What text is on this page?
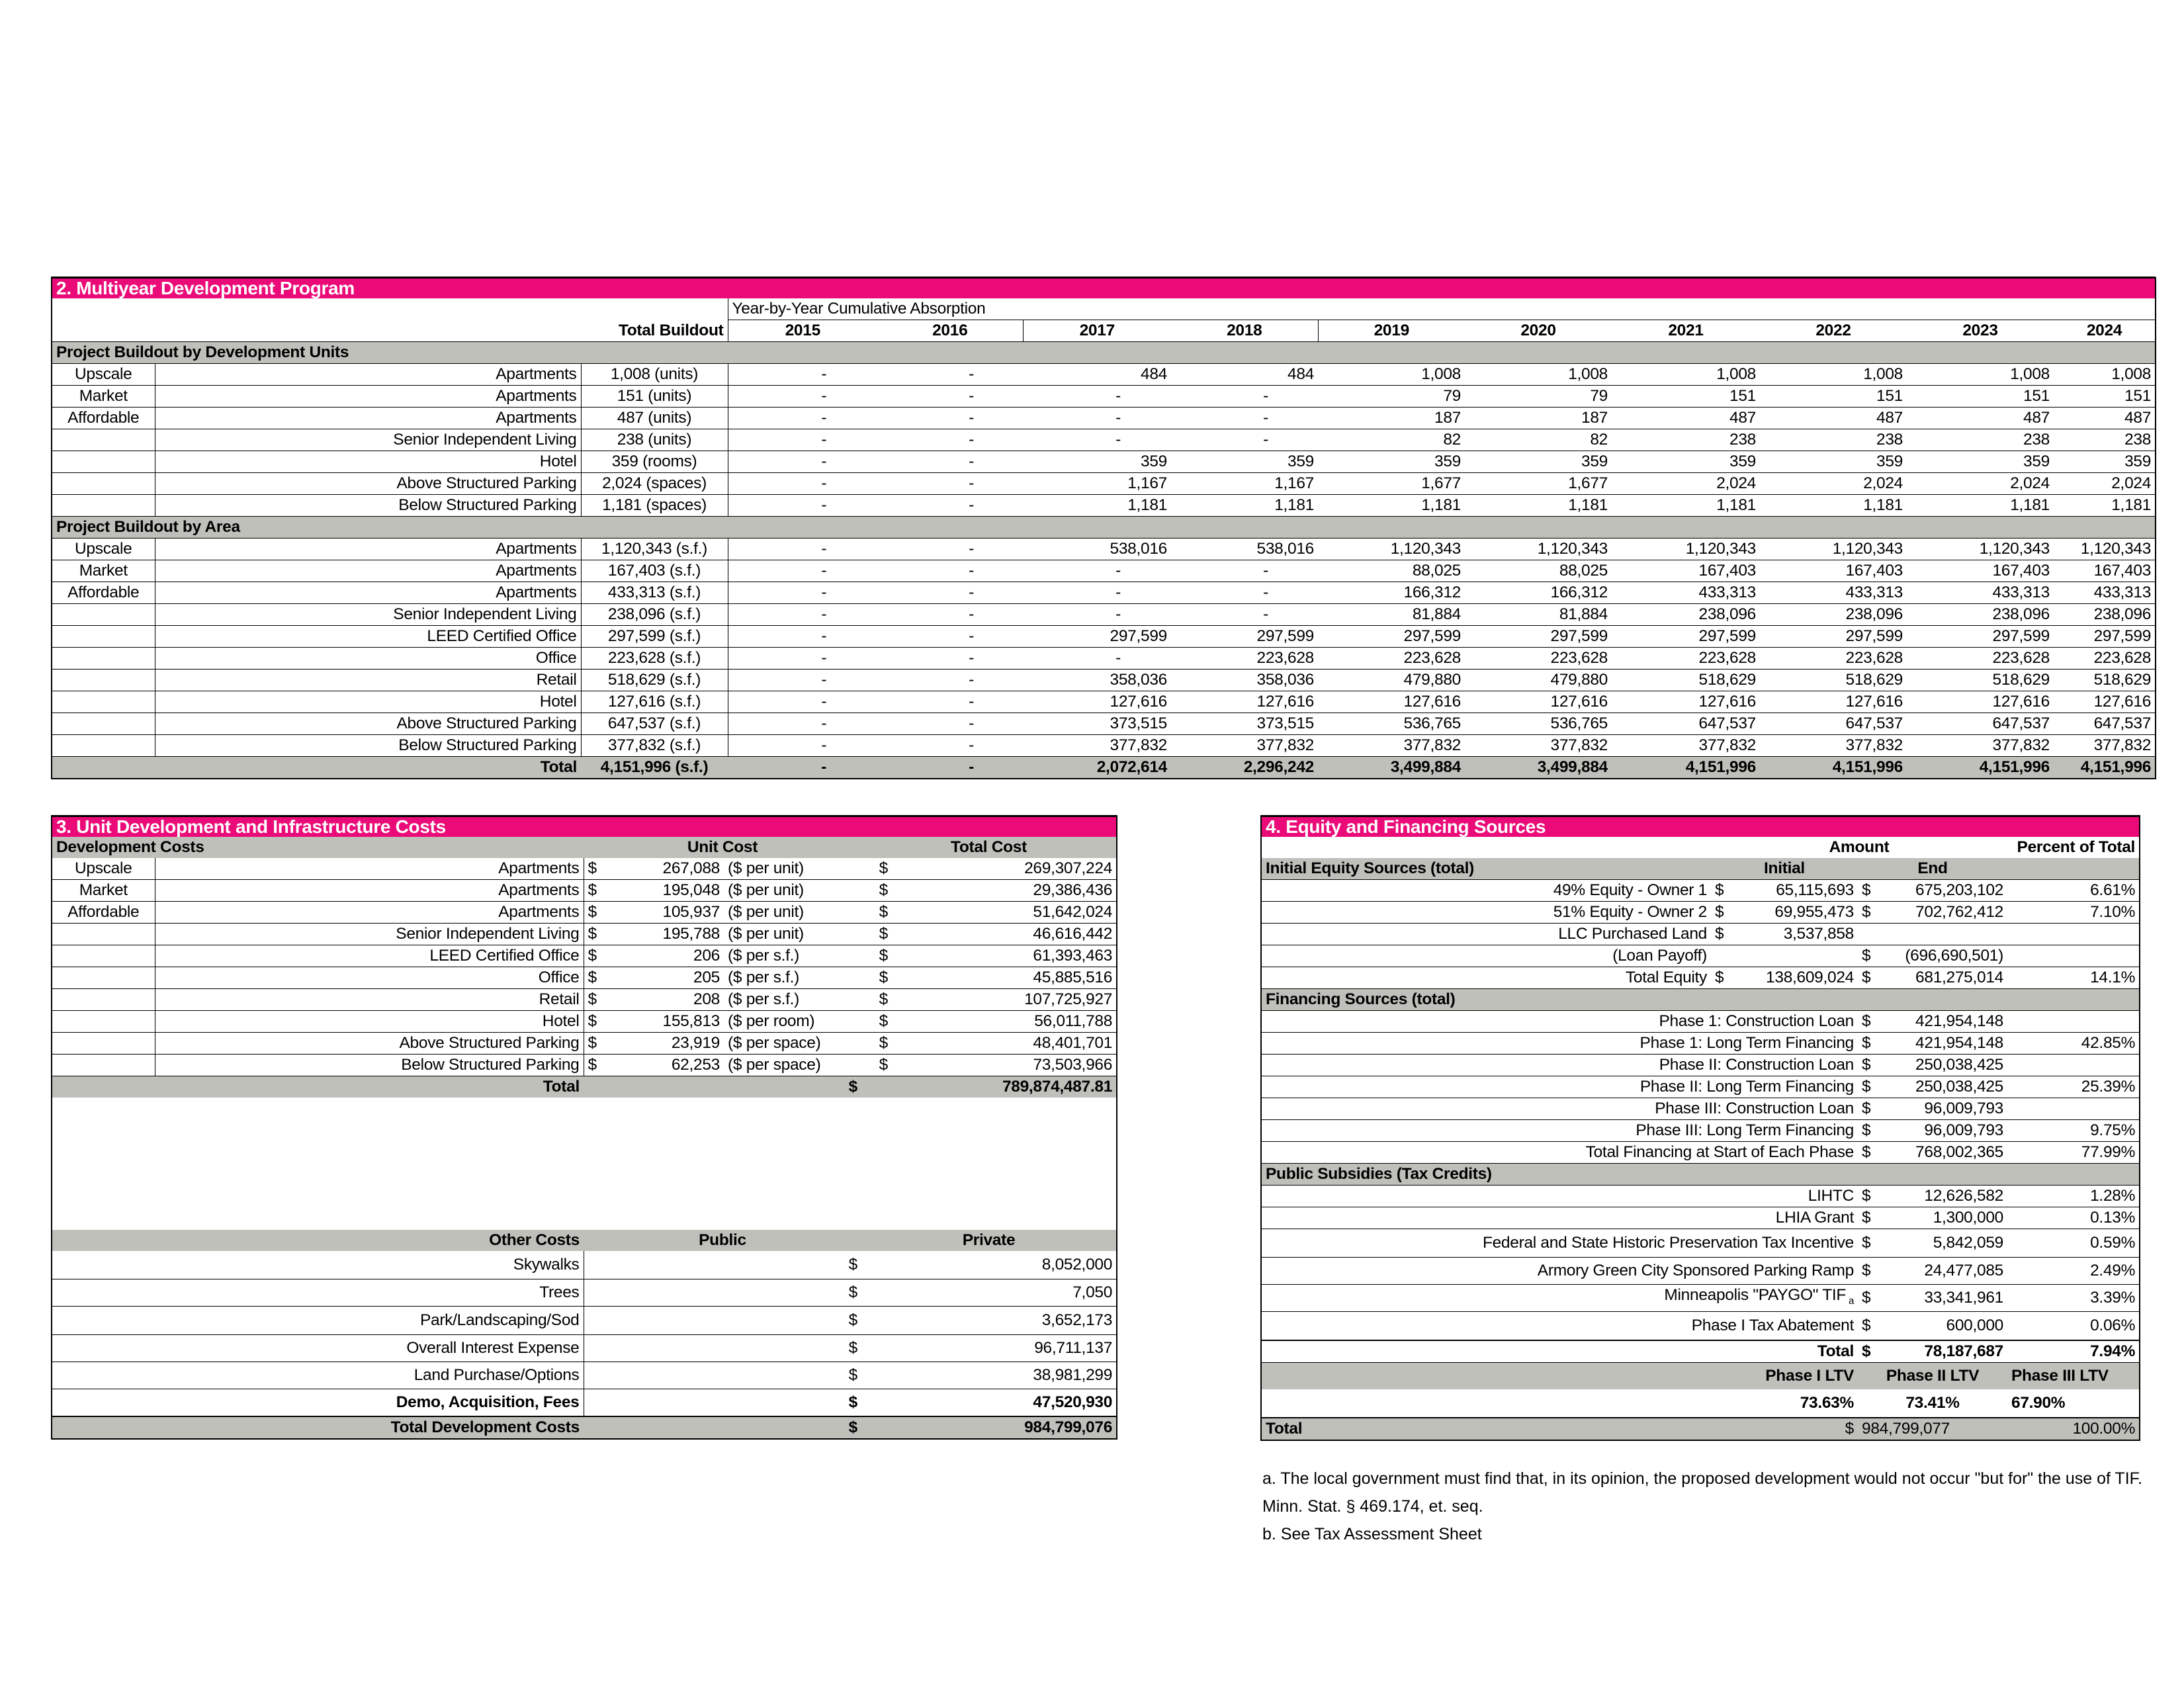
2. Multiyear Development Program												
			Year-by-Year Cumulative Absorption									
		Total Buildout	2015	2016	2017	2018	2019	2020	2021	2022	2023	2024
Project Buildout by Development Units												
Upscale	Apartments	1,008 (units)	-	-	484	484	1,008	1,008	1,008	1,008	1,008	1,008
Market	Apartments	151 (units)	-	-	-	-	79	79	151	151	151	151
Affordable	Apartments	487 (units)	-	-	-	-	187	187	487	487	487	487
	Senior Independent Living	238 (units)	-	-	-	-	82	82	238	238	238	238
	Hotel	359 (rooms)	-	-	359	359	359	359	359	359	359	359
	Above Structured Parking	2,024 (spaces)	-	-	1,167	1,167	1,677	1,677	2,024	2,024	2,024	2,024
	Below Structured Parking	1,181 (spaces)	-	-	1,181	1,181	1,181	1,181	1,181	1,181	1,181	1,181
Project Buildout by Area												
Upscale	Apartments	1,120,343 (s.f.)	-	-	538,016	538,016	1,120,343	1,120,343	1,120,343	1,120,343	1,120,343	1,120,343
Market	Apartments	167,403 (s.f.)	-	-	-	-	88,025	88,025	167,403	167,403	167,403	167,403
Affordable	Apartments	433,313 (s.f.)	-	-	-	-	166,312	166,312	433,313	433,313	433,313	433,313
	Senior Independent Living	238,096 (s.f.)	-	-	-	-	81,884	81,884	238,096	238,096	238,096	238,096
	LEED Certified Office	297,599 (s.f.)	-	-	297,599	297,599	297,599	297,599	297,599	297,599	297,599	297,599
	Office	223,628 (s.f.)	-	-	-	223,628	223,628	223,628	223,628	223,628	223,628	223,628
	Retail	518,629 (s.f.)	-	-	358,036	358,036	479,880	479,880	518,629	518,629	518,629	518,629
	Hotel	127,616 (s.f.)	-	-	127,616	127,616	127,616	127,616	127,616	127,616	127,616	127,616
	Above Structured Parking	647,537 (s.f.)	-	-	373,515	373,515	536,765	536,765	647,537	647,537	647,537	647,537
	Below Structured Parking	377,832 (s.f.)	-	-	377,832	377,832	377,832	377,832	377,832	377,832	377,832	377,832
Total		4,151,996 (s.f.)	-	-	2,072,614	2,296,242	3,499,884	3,499,884	4,151,996	4,151,996	4,151,996	4,151,996
3. Unit Development and Infrastructure Costs						
Development Costs		Unit Cost			Total Cost	
Upscale	Apartments	$	267,088	($ per unit)	$	269,307,224
Market	Apartments	$	195,048	($ per unit)	$	29,386,436
Affordable	Apartments	$	105,937	($ per unit)	$	51,642,024
	Senior Independent Living	$	195,788	($ per unit)	$	46,616,442
	LEED Certified Office	$	206	($ per s.f.)	$	61,393,463
	Office	$	205	($ per s.f.)	$	45,885,516
	Retail	$	208	($ per s.f.)	$	107,725,927
	Hotel	$	155,813	($ per room)	$	56,011,788
	Above Structured Parking	$	23,919	($ per space)	$	48,401,701
	Below Structured Parking	$	62,253	($ per space)	$	73,503,966
Total		$			789,874,487.81	

Other Costs		Public			Private	
Skywalks		$			8,052,000	
Trees		$			7,050	
Park/Landscaping/Sod		$			3,652,173	
Overall Interest Expense		$			96,711,137	
Land Purchase/Options		$			38,981,299	
Demo, Acquisition, Fees		$			47,520,930	
Total Development Costs		$			984,799,076	
4. Equity and Financing Sources					
	Amount				Percent of Total
Initial Equity Sources (total)	Initial		End		
49% Equity - Owner 1	$	65,115,693	$	675,203,102	6.61%
51% Equity - Owner 2	$	69,955,473	$	702,762,412	7.10%
LLC Purchased Land	$	3,537,858			
(Loan Payoff)			$	(696,690,501)	
Total Equity	$	138,609,024	$	681,275,014	14.1%
Financing Sources (total)					
Phase 1: Construction Loan			$	421,954,148	
Phase 1: Long Term Financing			$	421,954,148	42.85%
Phase II: Construction Loan			$	250,038,425	
Phase II: Long Term Financing			$	250,038,425	25.39%
Phase III: Construction Loan			$	96,009,793	
Phase III: Long Term Financing			$	96,009,793	9.75%
Total Financing at Start of Each Phase			$	768,002,365	77.99%
Public Subsidies (Tax Credits)					
LIHTC			$	12,626,582	1.28%
LHIA Grant			$	1,300,000	0.13%
Federal and State Historic Preservation Tax Incentive			$	5,842,059	0.59%
Armory Green City Sponsored Parking Ramp			$	24,477,085	2.49%
Minneapolis "PAYGO" TIF $_a$			$	33,341,961	3.39%
Phase I Tax Abatement			$	600,000	0.06%
Total			$	78,187,687	7.94%
Phase I LTV			Phase II LTV		Phase III LTV
73.63%			73.41%		67.90%
Total	$		984,799,077		100.00%
a. The local government must find that, in its opinion, the proposed development would not occur "but for" the use of TIF. Minn. Stat. § 469.174, et. seq.
b. See Tax Assessment Sheet
